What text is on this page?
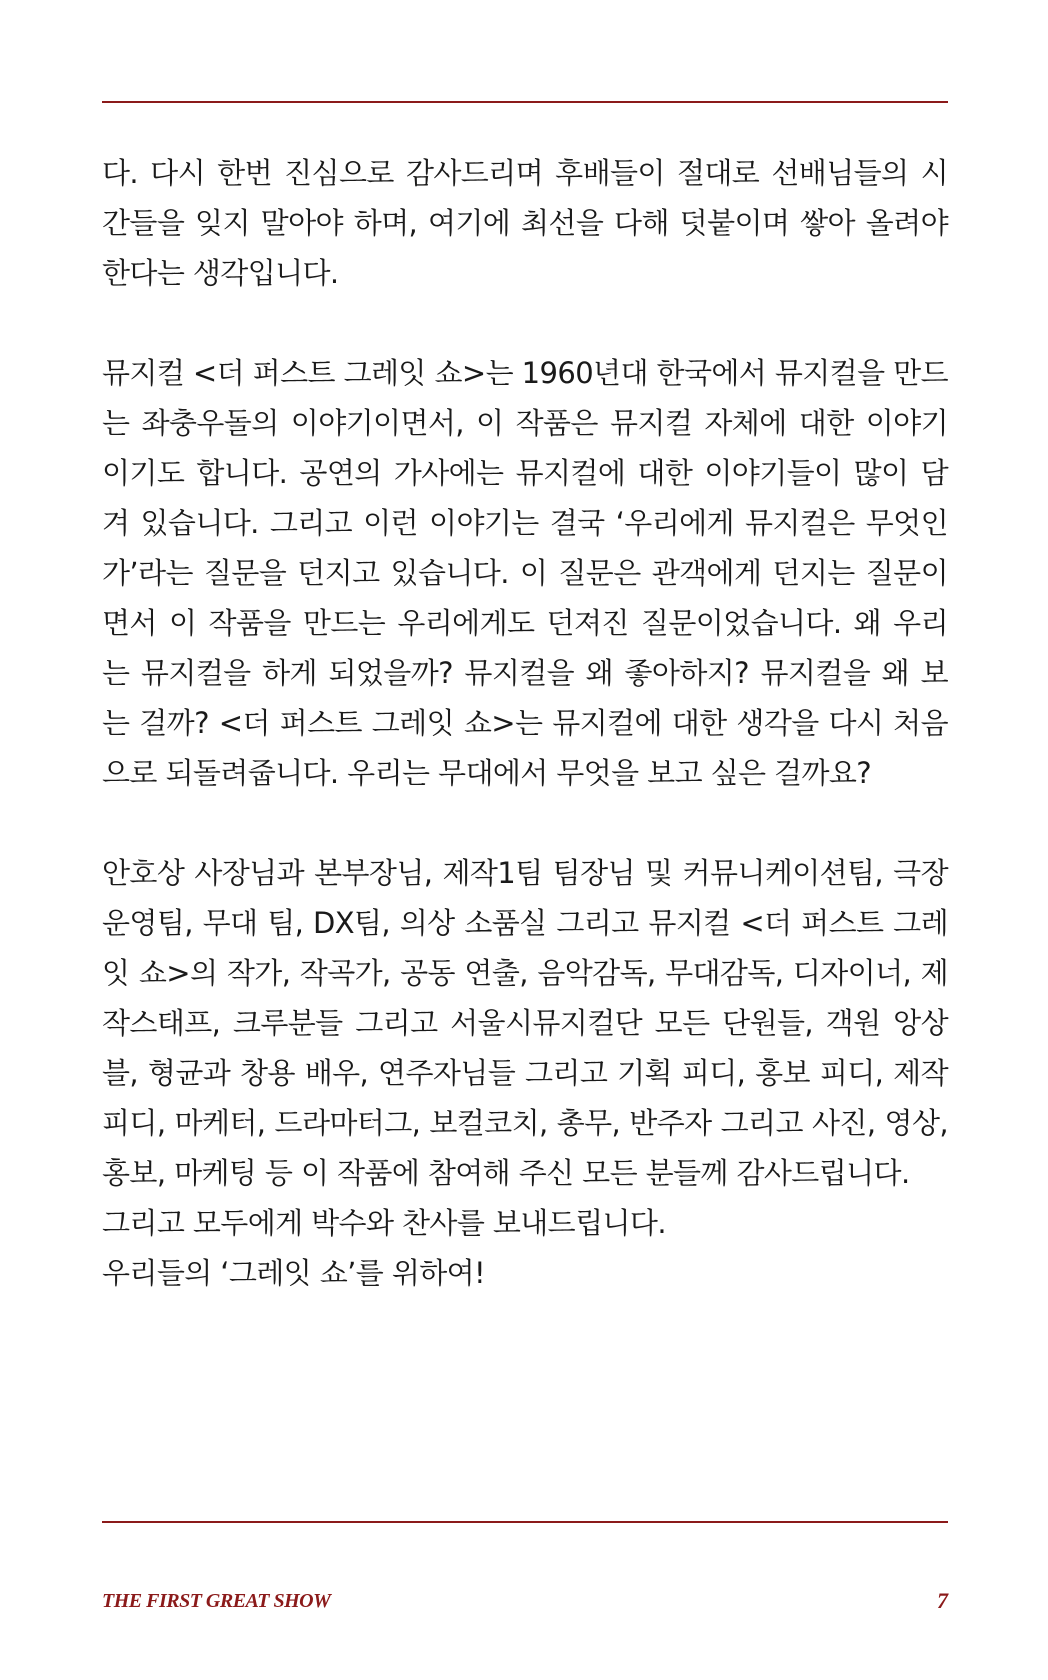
다. 다시 한번 진심으로 감사드리며 후배들이 절대로 선배님들의 시
간들을 잊지 말아야 하며, 여기에 최선을 다해 덧붙이며 쌓아 올려야
한다는 생각입니다.
뮤지컬 <더 퍼스트 그레잇 쇼>는 1960년대 한국에서 뮤지컬을 만드
는 좌충우돌의 이야기이면서, 이 작품은 뮤지컬 자체에 대한 이야기
이기도 합니다. 공연의 가사에는 뮤지컬에 대한 이야기들이 많이 담
겨 있습니다. 그리고 이런 이야기는 결국 ‘우리에게 뮤지컬은 무엇인
가’라는 질문을 던지고 있습니다. 이 질문은 관객에게 던지는 질문이
면서 이 작품을 만드는 우리에게도 던져진 질문이었습니다. 왜 우리
는 뮤지컬을 하게 되었을까? 뮤지컬을 왜 좋아하지? 뮤지컬을 왜 보
는 걸까? <더 퍼스트 그레잇 쇼>는 뮤지컬에 대한 생각을 다시 처음
으로 되돌려줍니다. 우리는 무대에서 무엇을 보고 싶은 걸까요?
안호상 사장님과 본부장님, 제작1팀 팀장님 및 커뮤니케이션팀, 극장
운영팀, 무대 팀, DX팀, 의상 소품실 그리고 뮤지컬 <더 퍼스트 그레
잇 쇼>의 작가, 작곡가, 공동 연출, 음악감독, 무대감독, 디자이너, 제
작스태프, 크루분들 그리고 서울시뮤지컬단 모든 단원들, 객원 앙상
블, 형균과 창용 배우, 연주자님들 그리고 기획 피디, 홍보 피디, 제작
피디, 마케터, 드라마터그, 보컬코치, 총무, 반주자 그리고 사진, 영상,
홍보, 마케팅 등 이 작품에 참여해 주신 모든 분들께 감사드립니다.
그리고 모두에게 박수와 찬사를 보내드립니다.
우리들의 ‘그레잇 쇼’를 위하여!
THE FIRST GREAT SHOW	7
